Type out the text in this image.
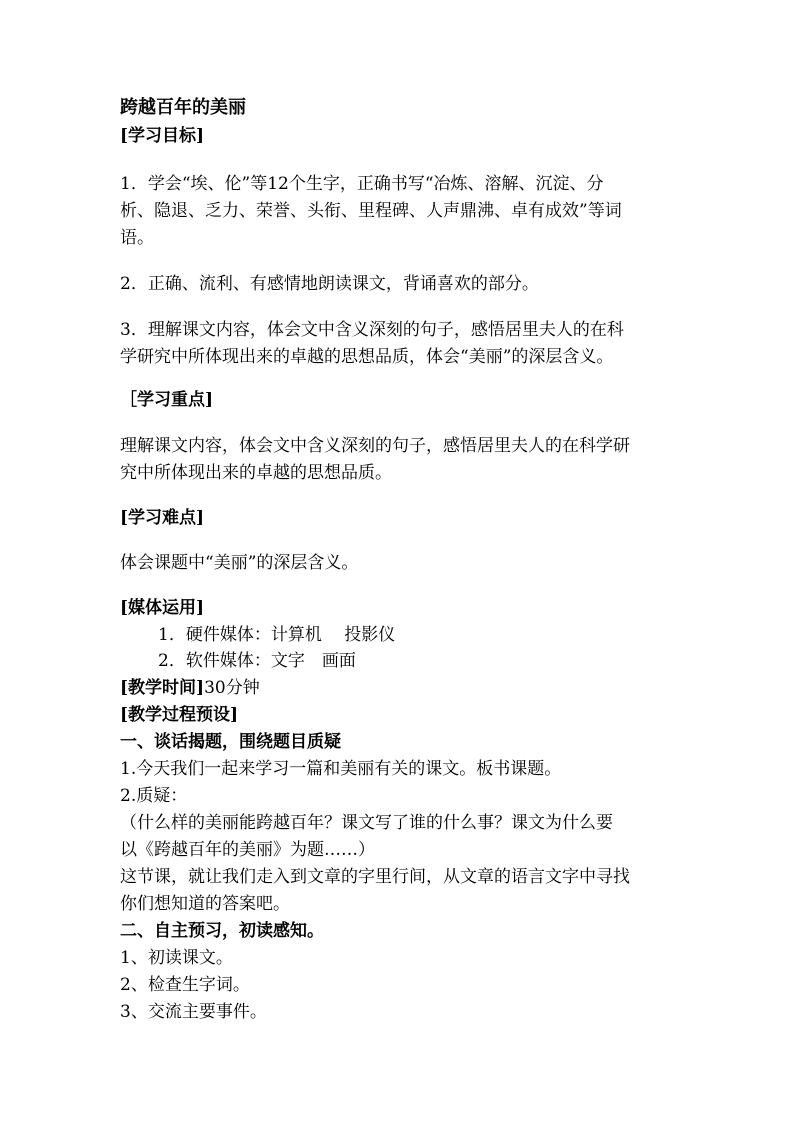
跨越百年的美丽
[学习目标]
1．学会“埃、伦”等12个生字，正确书写“冶炼、溶解、沉淀、分
析、隐退、乏力、荣誉、头衔、里程碑、人声鼎沸、卓有成效”等词
语。
2．正确、流利、有感情地朗读课文，背诵喜欢的部分。
3．理解课文内容，体会文中含义深刻的句子，感悟居里夫人的在科
学研究中所体现出来的卓越的思想品质，体会“美丽”的深层含义。
［学习重点]
理解课文内容，体会文中含义深刻的句子，感悟居里夫人的在科学研
究中所体现出来的卓越的思想品质。
[学习难点]
体会课题中“美丽”的深层含义。
[媒体运用]
1．硬件媒体：计算机　 投影仪
2．软件媒体：文字　画面
[教学时间]30分钟
[教学过程预设]
一、谈话揭题，围绕题目质疑
1.今天我们一起来学习一篇和美丽有关的课文。板书课题。
2.质疑：
（什么样的美丽能跨越百年？课文写了谁的什么事？课文为什么要
以《跨越百年的美丽》为题……）
这节课，就让我们走入到文章的字里行间，从文章的语言文字中寻找
你们想知道的答案吧。
二、自主预习，初读感知。
1、初读课文。
2、检查生字词。
3、交流主要事件。
